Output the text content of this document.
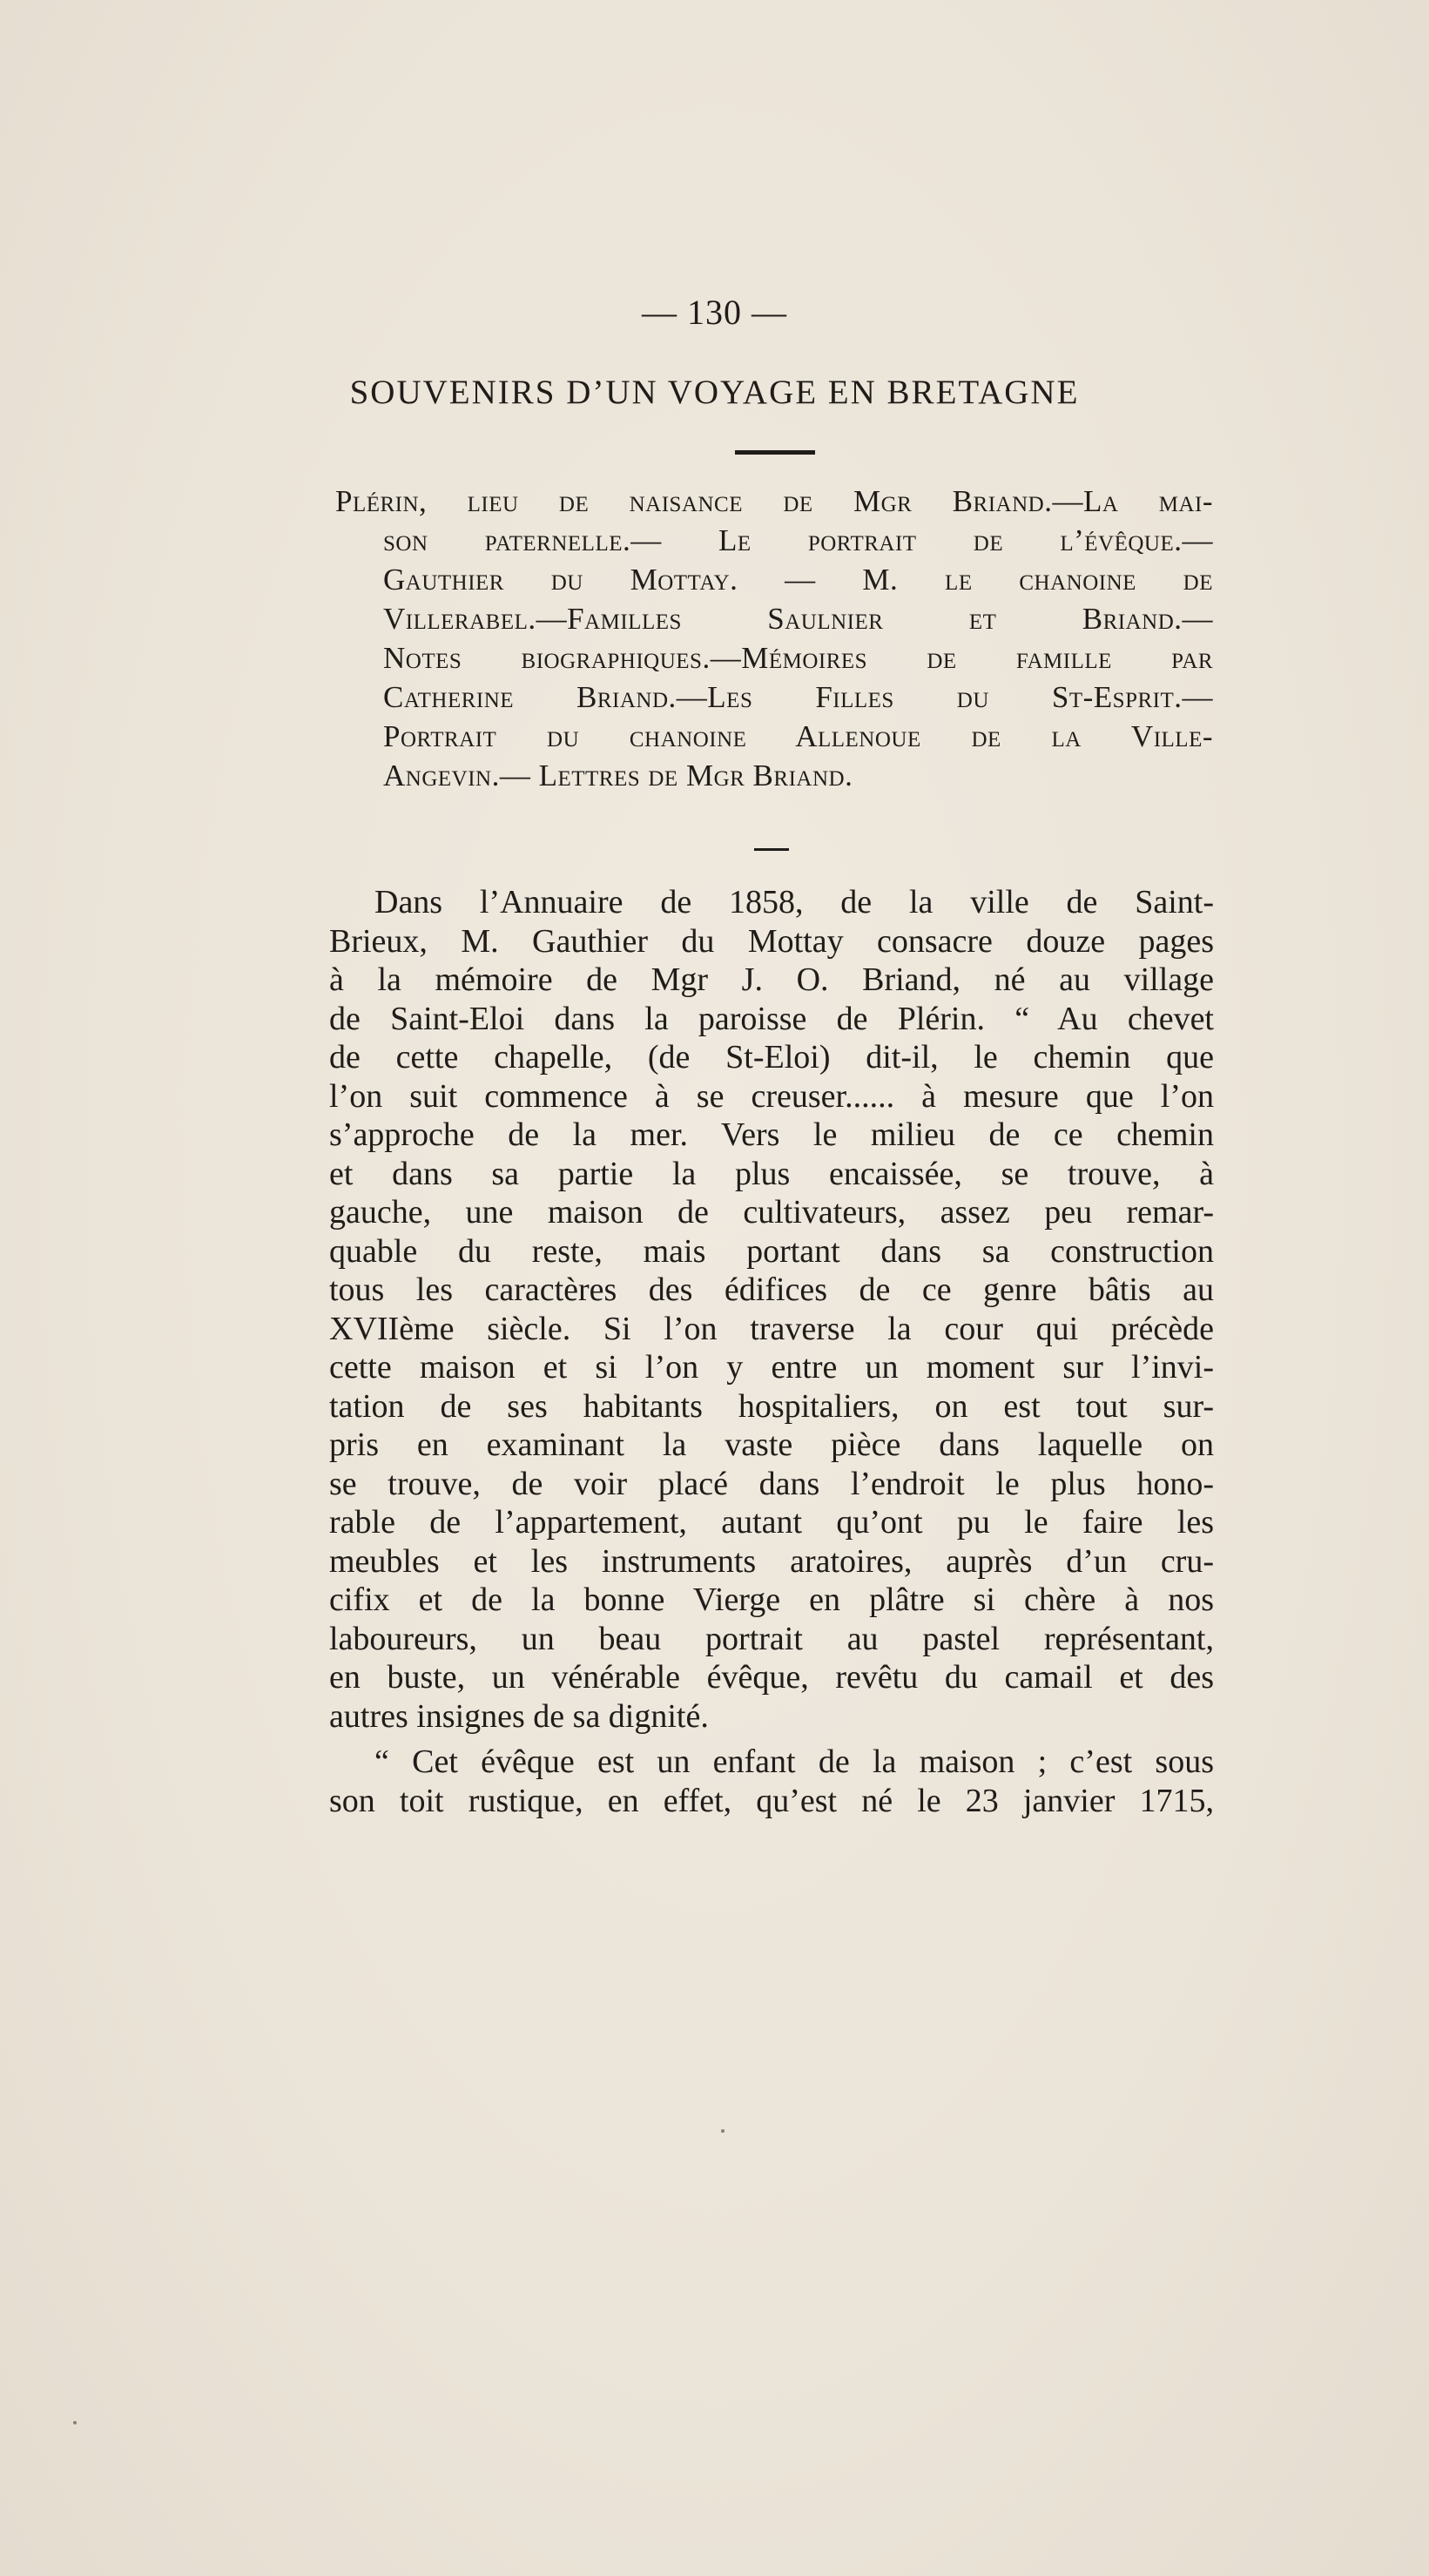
— 130 —
SOUVENIRS D’UN VOYAGE EN BRETAGNE
Plérin, lieu de naisance de Mgr Briand.—La mai-
son paternelle.— Le portrait de l’évêque.—
Gauthier du Mottay. — M. le chanoine de
Villerabel.—Familles Saulnier et Briand.—
Notes biographiques.—Mémoires de famille par
Catherine Briand.—Les Filles du St-Esprit.—
Portrait du chanoine Allenoue de la Ville-
Angevin.— Lettres de Mgr Briand.
Dans l’Annuaire de 1858, de la ville de Saint-
Brieux, M. Gauthier du Mottay consacre douze pages
à la mémoire de Mgr J. O. Briand, né au village
de Saint-Eloi dans la paroisse de Plérin. “ Au chevet
de cette chapelle, (de St-Eloi) dit-il, le chemin que
l’on suit commence à se creuser...... à mesure que l’on
s’approche de la mer. Vers le milieu de ce chemin
et dans sa partie la plus encaissée, se trouve, à
gauche, une maison de cultivateurs, assez peu remar-
quable du reste, mais portant dans sa construction
tous les caractères des édifices de ce genre bâtis au
XVIIème siècle. Si l’on traverse la cour qui précède
cette maison et si l’on y entre un moment sur l’invi-
tation de ses habitants hospitaliers, on est tout sur-
pris en examinant la vaste pièce dans laquelle on
se trouve, de voir placé dans l’endroit le plus hono-
rable de l’appartement, autant qu’ont pu le faire les
meubles et les instruments aratoires, auprès d’un cru-
cifix et de la bonne Vierge en plâtre si chère à nos
laboureurs, un beau portrait au pastel représentant,
en buste, un vénérable évêque, revêtu du camail et des
autres insignes de sa dignité.
“ Cet évêque est un enfant de la maison ; c’est sous
son toit rustique, en effet, qu’est né le 23 janvier 1715,
